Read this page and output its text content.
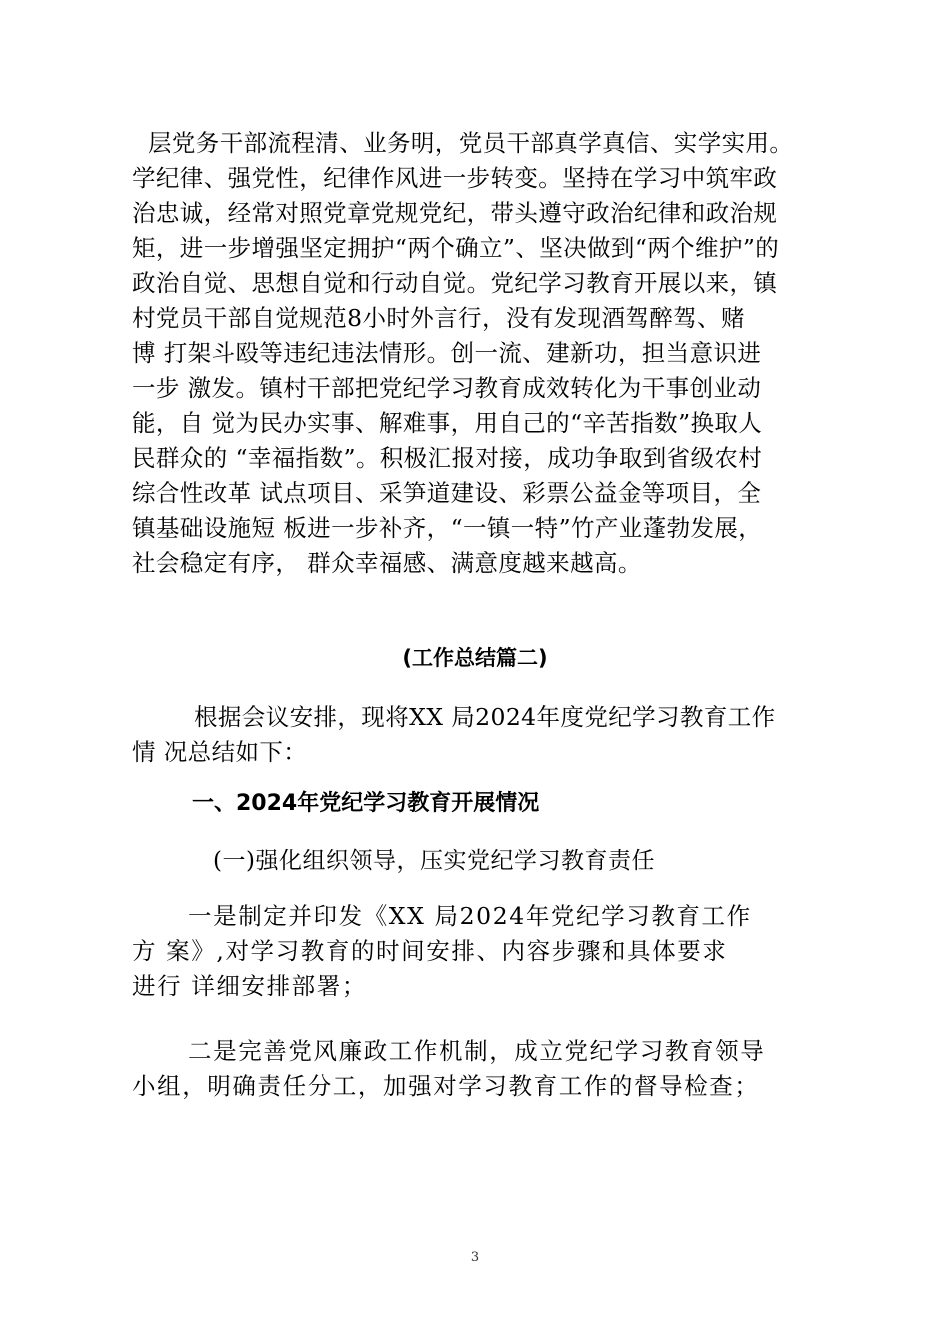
层党务干部流程清、业务明，党员干部真学真信、实学实用。
学纪律、强党性，纪律作风进一步转变。坚持在学习中筑牢政
治忠诚，经常对照党章党规党纪，带头遵守政治纪律和政治规
矩，进一步增强坚定拥护“两个确立”、坚决做到“两个维护”的
政治自觉、思想自觉和行动自觉。党纪学习教育开展以来，镇
村党员干部自觉规范8小时外言行，没有发现酒驾醉驾、赌
博 打架斗殴等违纪违法情形。创一流、建新功，担当意识进
一步 激发。镇村干部把党纪学习教育成效转化为干事创业动
能，自 觉为民办实事、解难事，用自己的“辛苦指数”换取人
民群众的 “幸福指数”。积极汇报对接，成功争取到省级农村
综合性改革 试点项目、采笋道建设、彩票公益金等项目，全
镇基础设施短 板进一步补齐，“一镇一特”竹产业蓬勃发展，
社会稳定有序， 群众幸福感、满意度越来越高。
(工作总结篇二)
根据会议安排，现将XX 局2024年度党纪学习教育工作
情 况总结如下：
一、2024年党纪学习教育开展情况
(一)强化组织领导，压实党纪学习教育责任
一是制定并印发《XX 局2024年党纪学习教育工作
方 案》,对学习教育的时间安排、内容步骤和具体要求
进行 详细安排部署；
二是完善党风廉政工作机制，成立党纪学习教育领导
小组，明确责任分工，加强对学习教育工作的督导检查；
3
